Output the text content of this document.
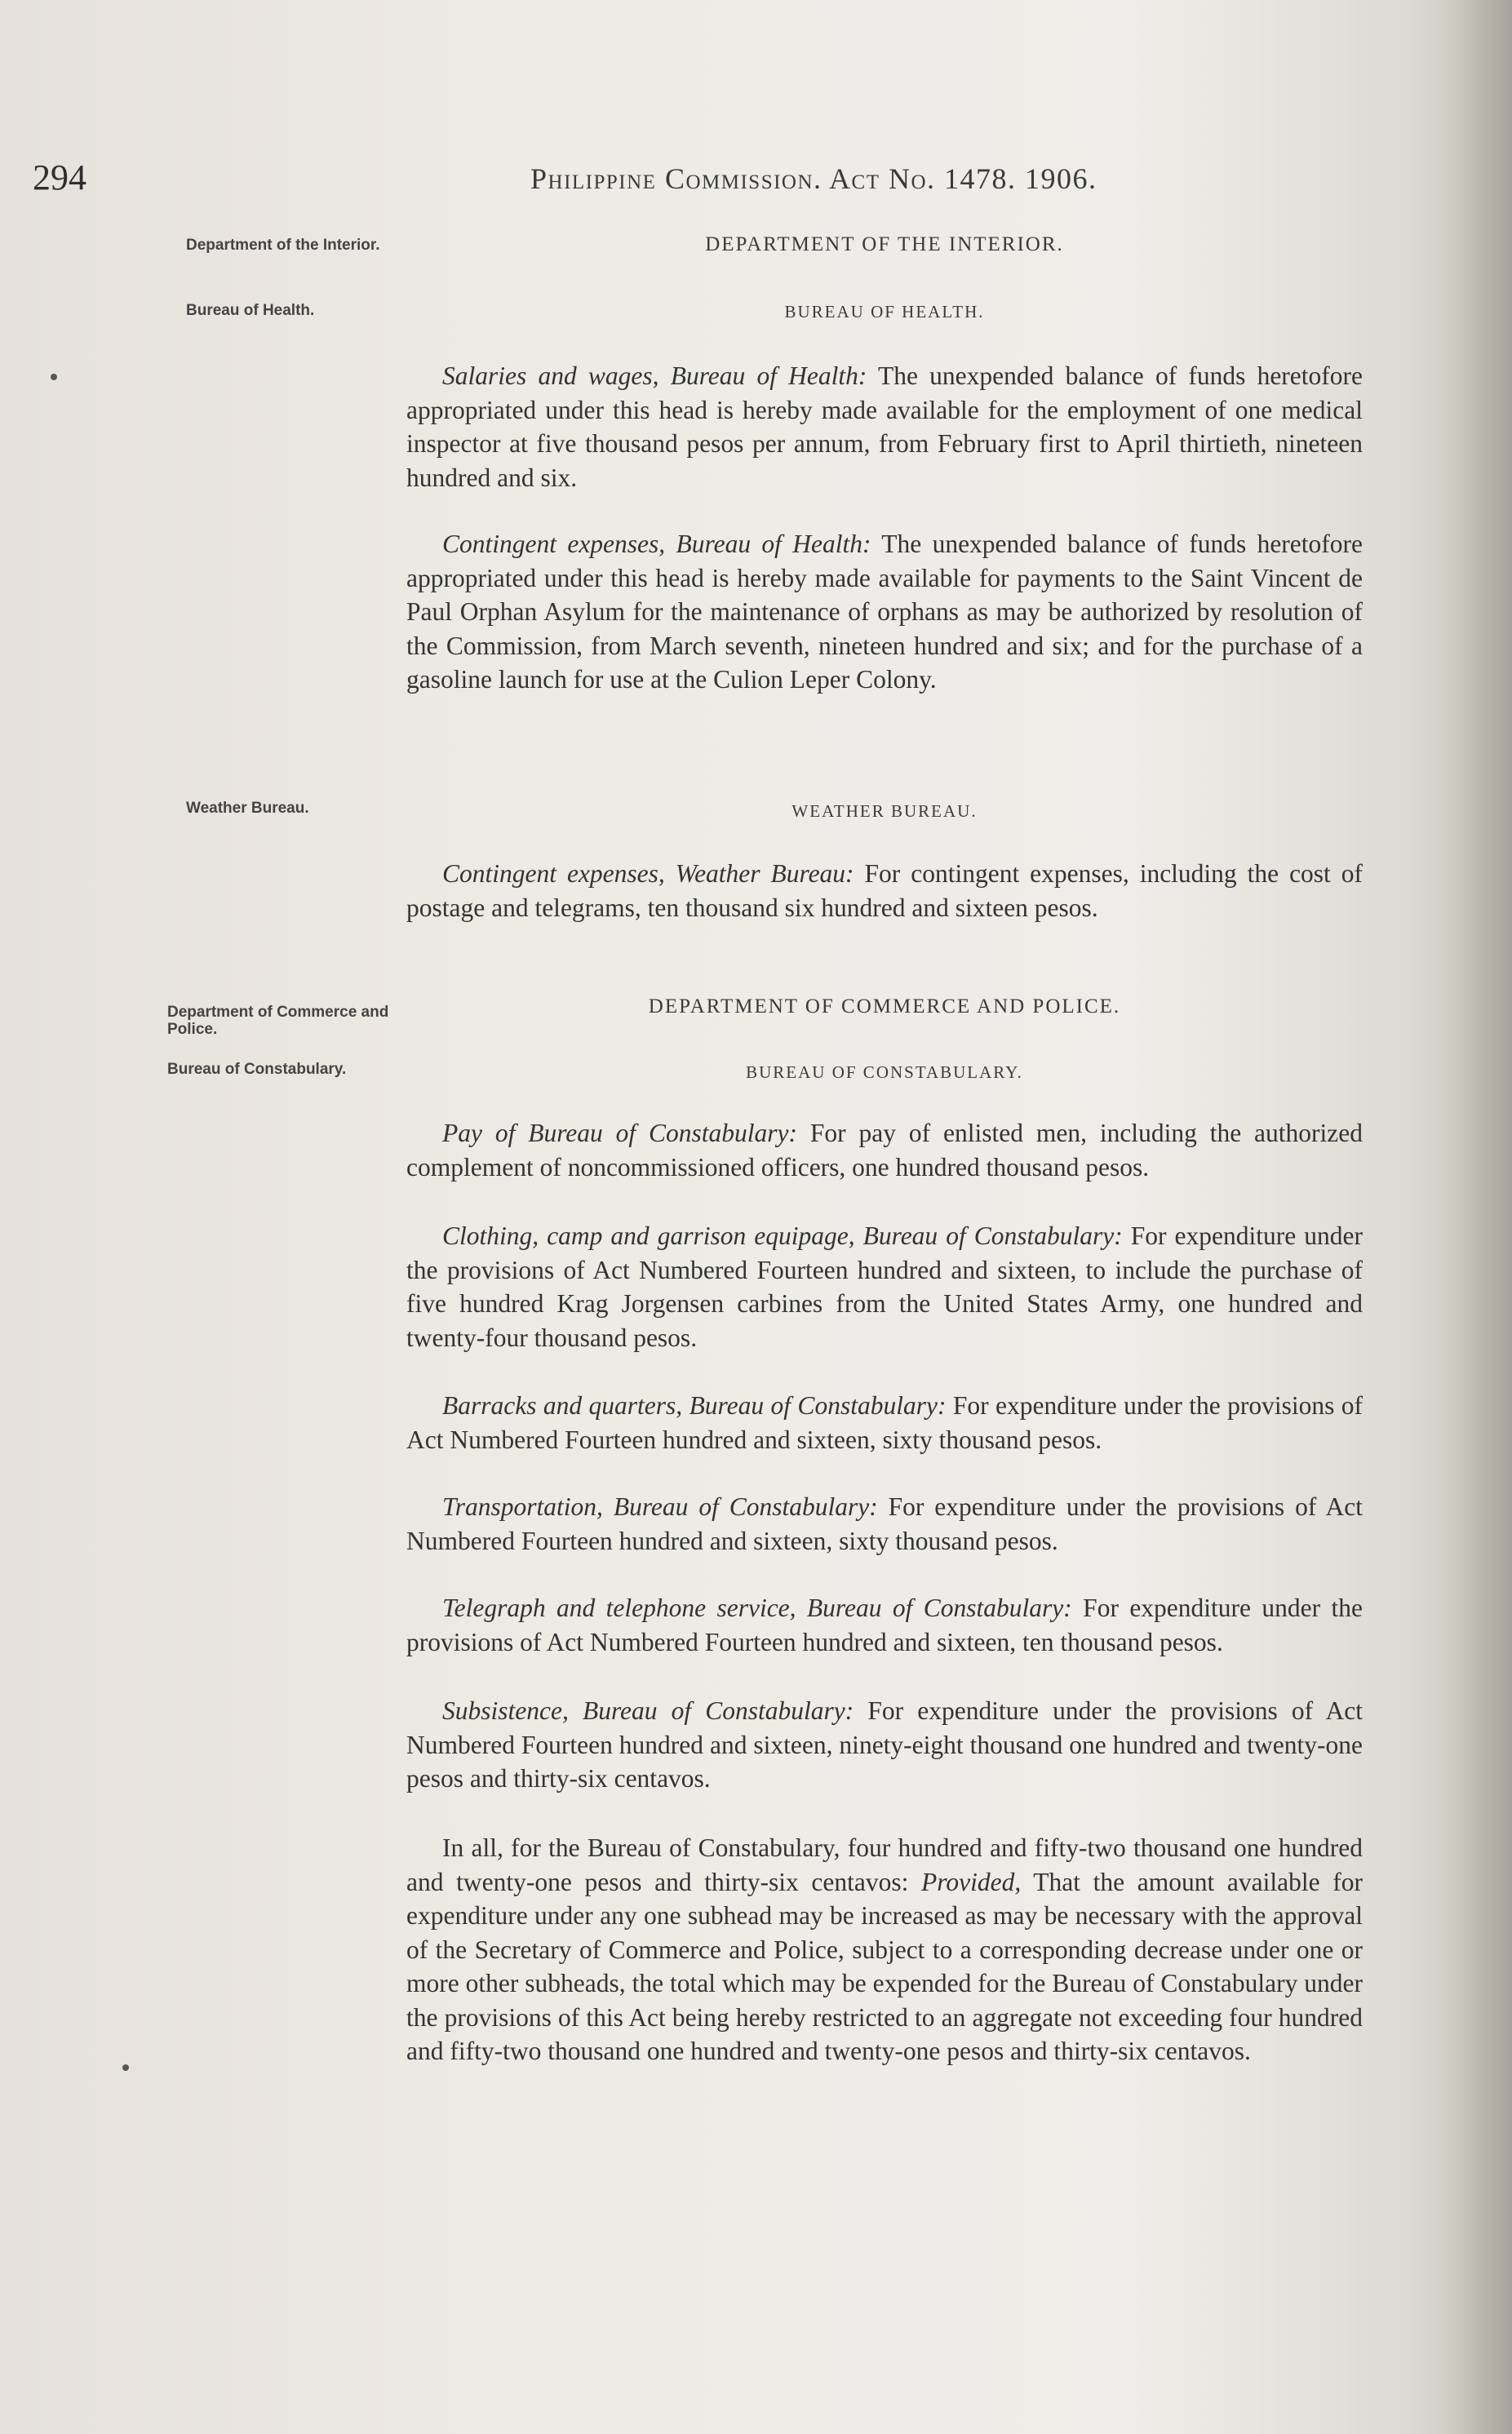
294	Philippine Commission. Act No. 1478. 1906.
Department of the Interior.
Bureau of Health.
Weather Bureau.
Department of Commerce and Police.
Bureau of Constabulary.
DEPARTMENT OF THE INTERIOR.
BUREAU OF HEALTH.
Salaries and wages, Bureau of Health: The unexpended balance of funds heretofore appropriated under this head is hereby made available for the employment of one medical inspector at five thousand pesos per annum, from February first to April thirtieth, nineteen hundred and six.
Contingent expenses, Bureau of Health: The unexpended balance of funds heretofore appropriated under this head is hereby made available for payments to the Saint Vincent de Paul Orphan Asylum for the maintenance of orphans as may be authorized by resolution of the Commission, from March seventh, nineteen hundred and six; and for the purchase of a gasoline launch for use at the Culion Leper Colony.
WEATHER BUREAU.
Contingent expenses, Weather Bureau: For contingent expenses, including the cost of postage and telegrams, ten thousand six hundred and sixteen pesos.
DEPARTMENT OF COMMERCE AND POLICE.
BUREAU OF CONSTABULARY.
Pay of Bureau of Constabulary: For pay of enlisted men, including the authorized complement of noncommissioned officers, one hundred thousand pesos.
Clothing, camp and garrison equipage, Bureau of Constabulary: For expenditure under the provisions of Act Numbered Fourteen hundred and sixteen, to include the purchase of five hundred Krag Jorgensen carbines from the United States Army, one hundred and twenty-four thousand pesos.
Barracks and quarters, Bureau of Constabulary: For expenditure under the provisions of Act Numbered Fourteen hundred and sixteen, sixty thousand pesos.
Transportation, Bureau of Constabulary: For expenditure under the provisions of Act Numbered Fourteen hundred and sixteen, sixty thousand pesos.
Telegraph and telephone service, Bureau of Constabulary: For expenditure under the provisions of Act Numbered Fourteen hundred and sixteen, ten thousand pesos.
Subsistence, Bureau of Constabulary: For expenditure under the provisions of Act Numbered Fourteen hundred and sixteen, ninety-eight thousand one hundred and twenty-one pesos and thirty-six centavos.
In all, for the Bureau of Constabulary, four hundred and fifty-two thousand one hundred and twenty-one pesos and thirty-six centavos: Provided, That the amount available for expenditure under any one subhead may be increased as may be necessary with the approval of the Secretary of Commerce and Police, subject to a corresponding decrease under one or more other subheads, the total which may be expended for the Bureau of Constabulary under the provisions of this Act being hereby restricted to an aggregate not exceeding four hundred and fifty-two thousand one hundred and twenty-one pesos and thirty-six centavos.
